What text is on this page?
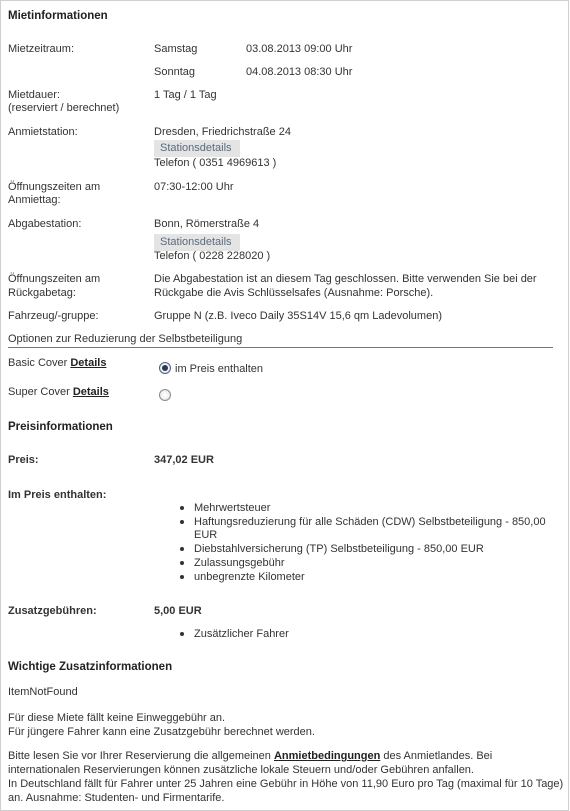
Mietinformationen
Mietzeitraum:	Samstag	03.08.2013 09:00 Uhr
Sonntag	04.08.2013 08:30 Uhr
Mietdauer:
(reserviert / berechnet)
1 Tag / 1 Tag
Anmietstation:	Dresden, Friedrichstraße 24
Stationsdetails
Telefon ( 0351 4969613 )
Öffnungszeiten am
Anmiettag:
07:30-12:00 Uhr
Abgabestation:	Bonn, Römerstraße 4
Stationsdetails
Telefon ( 0228 228020 )
Öffnungszeiten am
Rückgabetag:
Die Abgabestation ist an diesem Tag geschlossen. Bitte verwenden Sie bei der
Rückgabe die Avis Schlüsselsafes (Ausnahme: Porsche).
Fahrzeug/-gruppe:	Gruppe N (z.B. Iveco Daily 35S14V 15,6 qm Ladevolumen)
Optionen zur Reduzierung der Selbstbeteiligung
Basic Cover Details	im Preis enthalten
Super Cover Details
Preisinformationen
Preis:	347,02 EUR
Im Preis enthalten:
Mehrwertsteuer
Haftungsreduzierung für alle Schäden (CDW) Selbstbeteiligung - 850,00
EUR
Diebstahlversicherung (TP) Selbstbeteiligung - 850,00 EUR
Zulassungsgebühr
unbegrenzte Kilometer
Zusatzgebühren:	5,00 EUR
Zusätzlicher Fahrer
Wichtige Zusatzinformationen
ItemNotFound
Für diese Miete fällt keine Einweggebühr an.
Für jüngere Fahrer kann eine Zusatzgebühr berechnet werden.
Bitte lesen Sie vor Ihrer Reservierung die allgemeinen Anmietbedingungen des Anmietlandes. Bei
internationalen Reservierungen können zusätzliche lokale Steuern und/oder Gebühren anfallen.
In Deutschland fällt für Fahrer unter 25 Jahren eine Gebühr in Höhe von 11,90 Euro pro Tag (maximal für 10 Tage)
an. Ausnahme: Studenten- und Firmentarife.
